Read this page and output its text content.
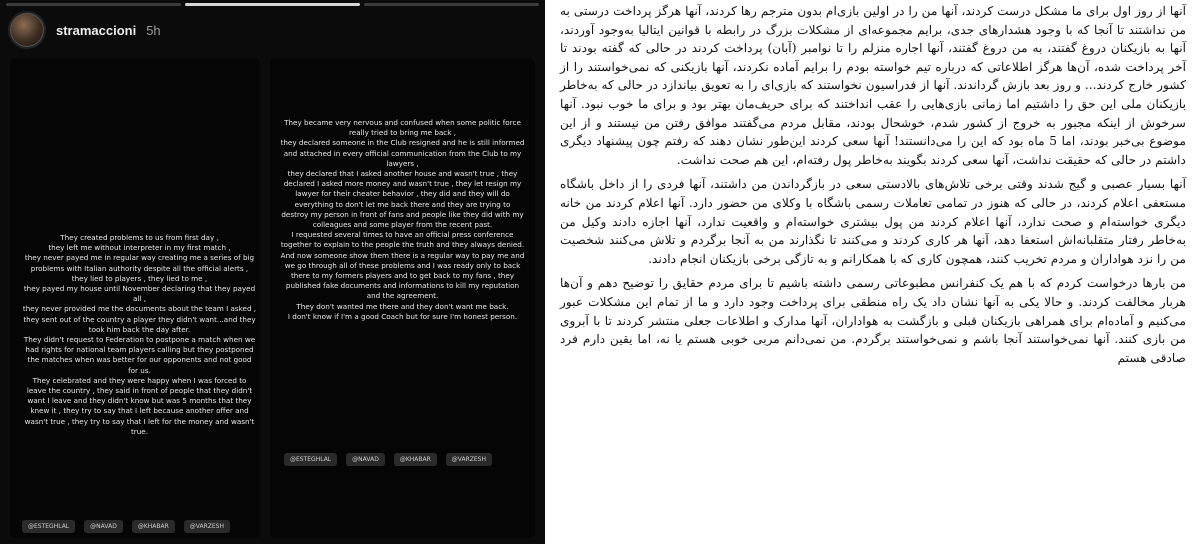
stramaccioni 5h
They created problems to us from first day ,
they left me without interpreter in my first match ,
they never payed me in regular way creating me a series of big problems with Italian authority despite all the official alerts ,
they lied to players , they lied to me ,
they payed my house until November declaring that they payed all ,
they never provided me the documents about the team I asked ,
they sent out of the country a player they didn't want...and they took him back the day after.
They didn't request to Federation to postpone a match when we had rights for national team players calling but they postponed the matches when was better for our opponents and not good for us.
They celebrated and they were happy when I was forced to leave the country , they said in front of people that they didn't want I leave and they didn't know but was 5 months that they knew it , they try to say that I left because another offer and wasn't true , they try to say that I left for the money and wasn't true.
@ESTEGHLAL	@NAVAD	@KHABAR	@VARZESH
They became very nervous and confused when some politic force really tried to bring me back ,
they declared someone in the Club resigned and he is still informed and attached in every official communication from the Club to my lawyers ,
they declared that I asked another house and wasn't true , they declared I asked more money and wasn't true , they let resign my lawyer for their cheater behavior , they did and they will do everything to don't let me back there and they are trying to destroy my person in front of fans and people like they did with my colleagues and some player from the recent past.
I requested several times to have an official press conference together to explain to the people the truth and they always denied.
And now someone show them there is a regular way to pay me and we go through all of these problems and I was ready only to back there to my formers players and to get back to my fans , they published fake documents and informations to kill my reputation and the agreement.
They don't wanted me there and they don't want me back.
I don't know if I'm a good Coach but for sure I'm honest person.
@ESTEGHLAL	@NAVAD	@KHABAR	@VARZESH
آنها از روز اول برای ما مشکل درست کردند، آنها من را در اولین بازی‌ام بدون مترجم رها کردند، آنها هرگز پرداخت درستی به من نداشتند تا آنجا که با وجود هشدارهای جدی، برایم مجموعه‌ای از مشکلات بزرگ در رابطه با قوانین ایتالیا به‌وجود آوردند، آنها به بازیکنان دروغ گفتند، به من دروغ گفتند، آنها اجاره منزلم را تا نوامبر (آبان) پرداخت کردند در حالی که گفته بودند تا آخر پرداخت شده، آن‌ها هرگز اطلاعاتی که درباره تیم خواسته بودم را برایم آماده نکردند، آنها بازیکنی که نمی‌خواستند را از کشور خارج کردند... و روز بعد بازش گرداندند. آنها از فدراسیون نخواستند که بازی‌ای را به تعویق بیاندازد در حالی که به‌خاطر بازیکنان ملی این حق را داشتیم اما زمانی بازی‌هایی را عقب انداختند که برای حریف‌مان بهتر بود و برای ما خوب نبود. آنها سرخوش از اینکه مجبور به خروج از کشور شدم، خوشحال بودند، مقابل مردم می‌گفتند موافق رفتن من نیستند و از این موضوع بی‌خبر بودند، اما 5 ماه بود که این را می‌دانستند! آنها سعی کردند این‌طور نشان دهند که رفتم چون پیشنهاد دیگری داشتم در حالی که حقیقت نداشت، آنها سعی کردند بگویند به‌خاطر پول رفته‌ام، این هم صحت نداشت.
آنها بسیار عصبی و گیج شدند وقتی برخی تلاش‌های بالادستی سعی در بازگرداندن من داشتند، آنها فردی را از داخل باشگاه مستعفی اعلام کردند، در حالی که هنوز در تمامی تعاملات رسمی باشگاه با وکلای من حضور دارد. آنها اعلام کردند من خانه دیگری خواسته‌ام و صحت ندارد، آنها اعلام کردند من پول بیشتری خواسته‌ام و واقعیت ندارد، آنها اجازه دادند وکیل من به‌خاطر رفتار متقلبانه‌اش استعفا دهد، آنها هر کاری کردند و می‌کنند تا نگذارند من به آنجا برگردم و تلاش می‌کنند شخصیت من را نزد هواداران و مردم تخریب کنند، همچون کاری که با همکارانم و به تازگی برخی بازیکنان انجام دادند.
من بارها درخواست کردم که با هم یک کنفرانس مطبوعاتی رسمی داشته باشیم تا برای مردم حقایق را توضیح دهم و آن‌ها هربار مخالفت کردند. و حالا یکی به آنها نشان داد یک راه منطقی برای پرداخت وجود دارد و ما از تمام این مشکلات عبور می‌کنیم و آماده‌ام برای همراهی بازیکنان قبلی و بازگشت به هواداران، آنها مدارک و اطلاعات جعلی منتشر کردند تا با آبروی من بازی کنند. آنها نمی‌خواستند آنجا باشم و نمی‌خواستند برگردم. من نمی‌دانم مربی خوبی هستم یا نه، اما یقین دارم فرد صادقی هستم
